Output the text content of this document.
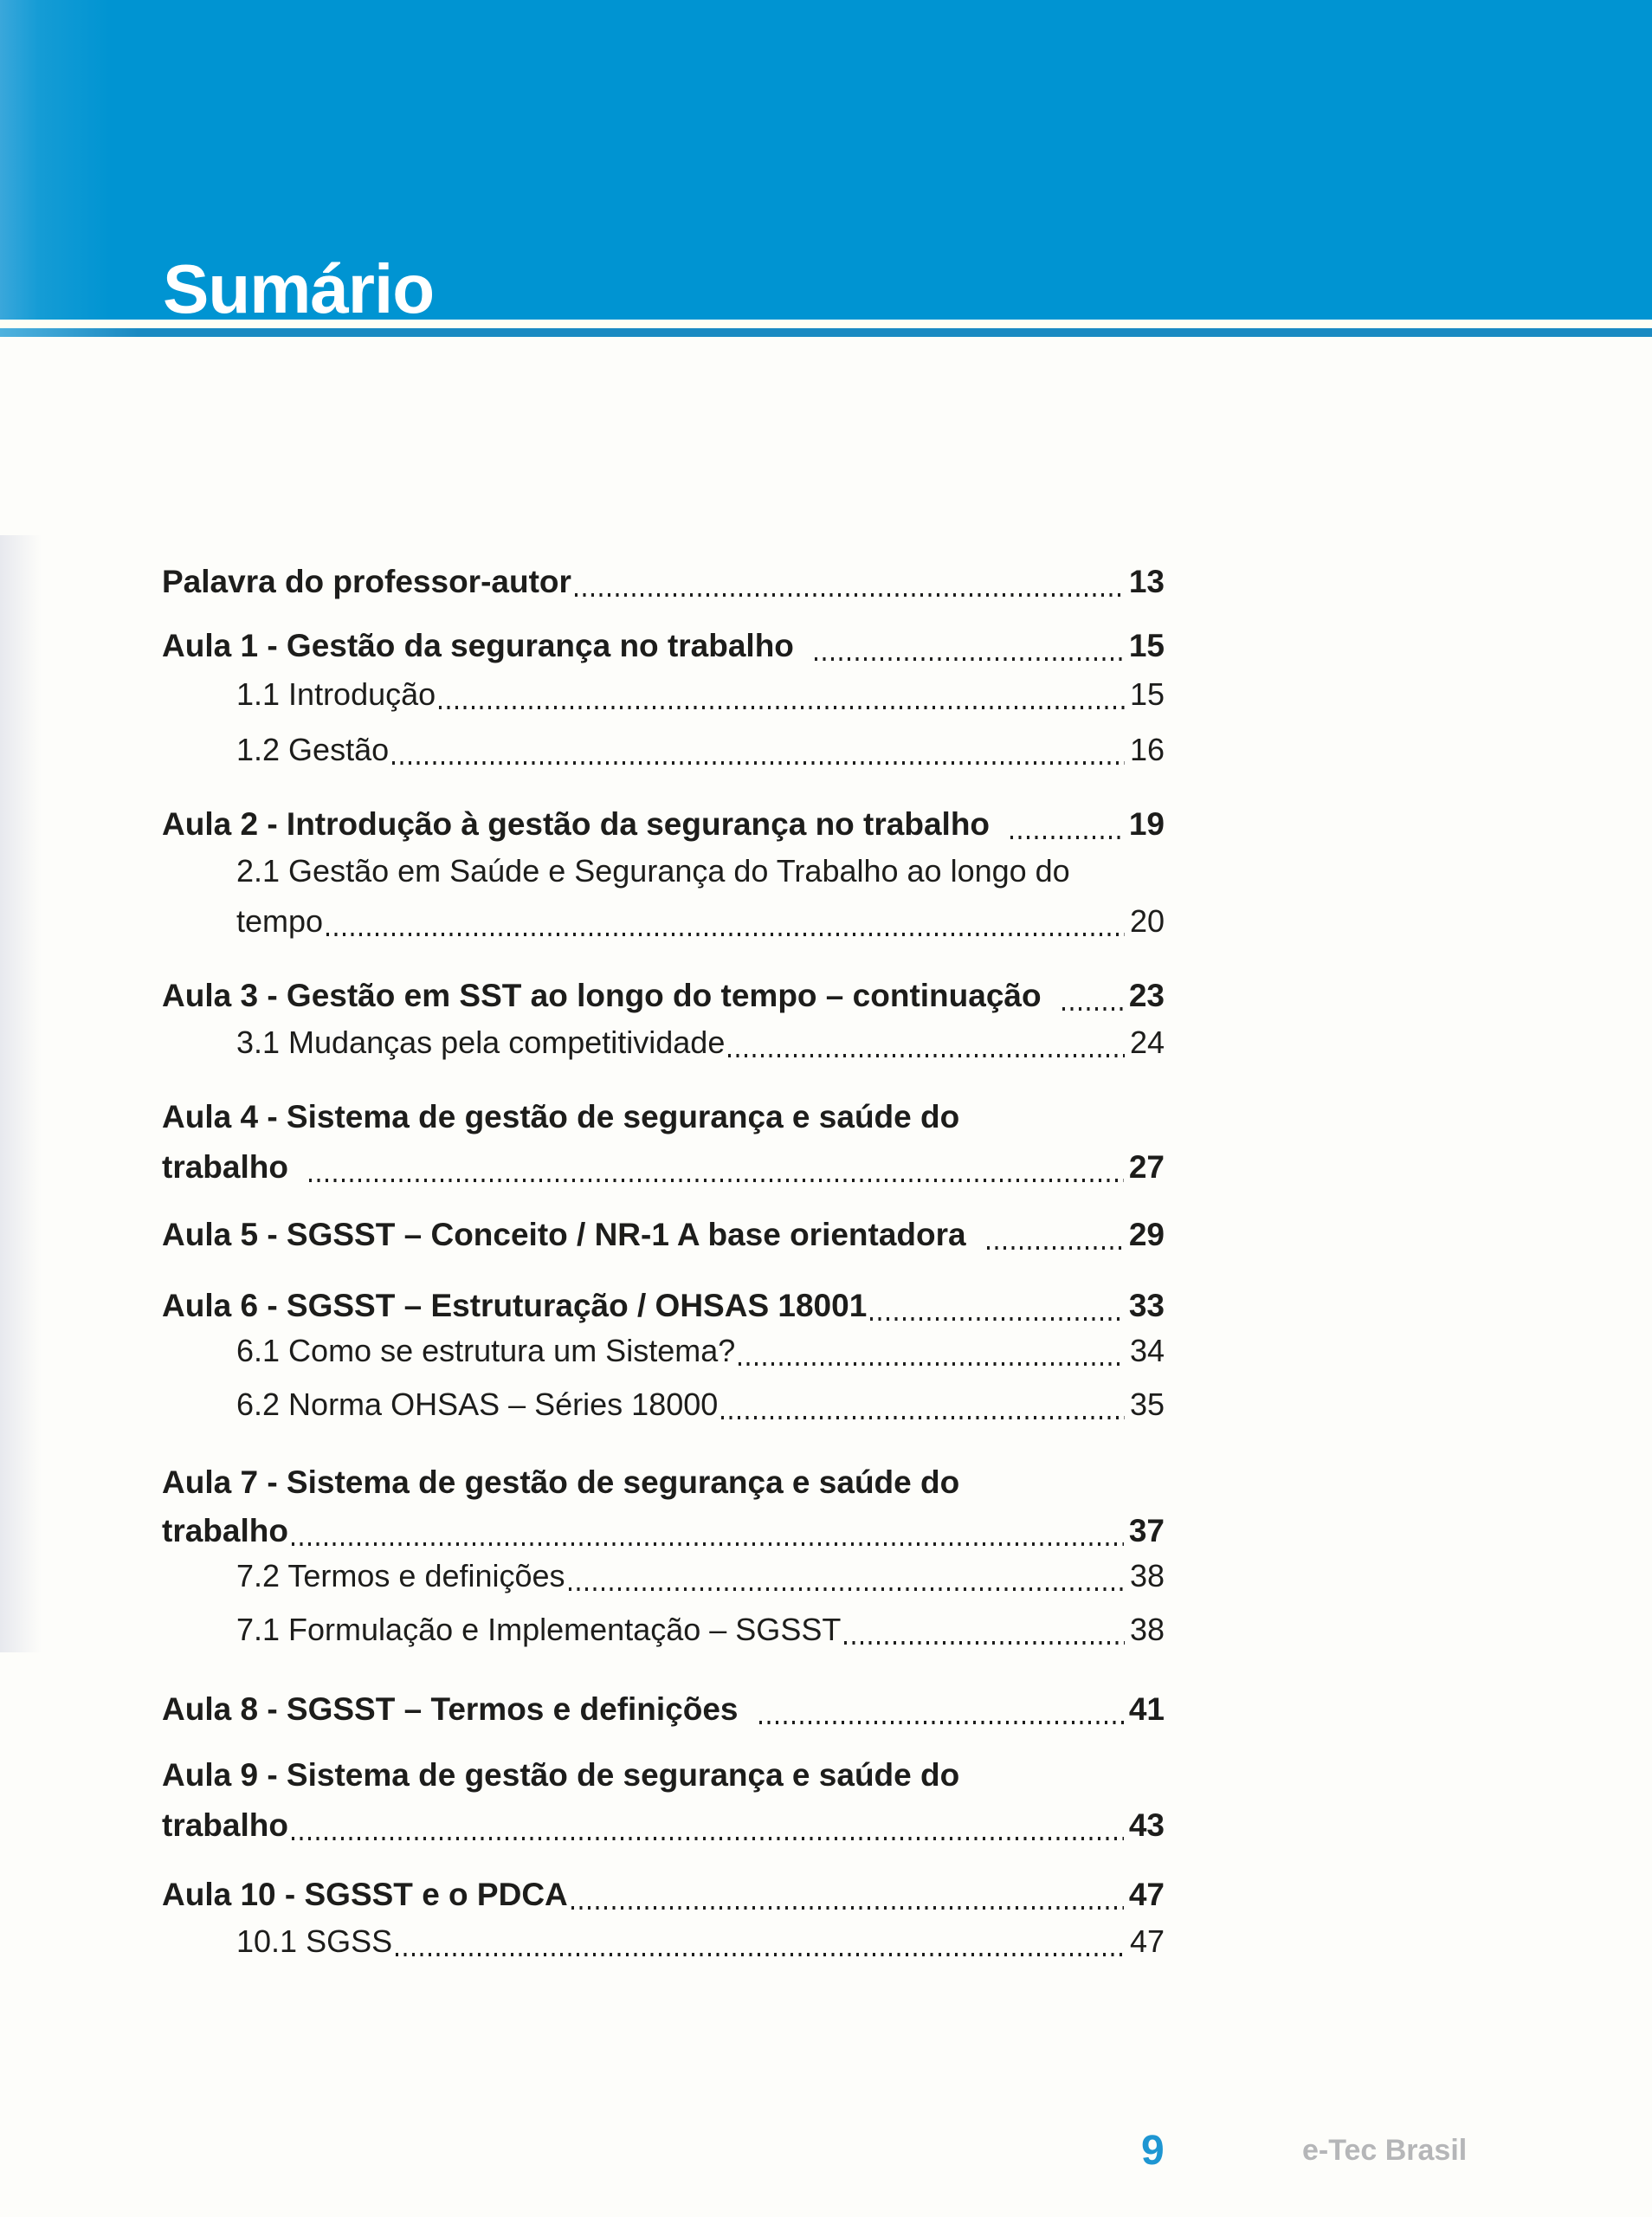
Sumário
Palavra do professor-autor	13
Aula 1 - Gestão da segurança no trabalho	15
1.1 Introdução	15
1.2 Gestão	16
Aula 2 - Introdução à gestão da segurança no trabalho	19
2.1 Gestão em Saúde e Segurança do Trabalho ao longo do
tempo	20
Aula 3 - Gestão em SST ao longo do tempo – continuação	23
3.1 Mudanças pela competitividade	24
Aula 4 - Sistema de gestão de segurança e saúde do
trabalho	27
Aula 5 - SGSST – Conceito / NR-1 A base orientadora	29
Aula 6 - SGSST – Estruturação / OHSAS 18001	33
6.1 Como se estrutura um Sistema?	34
6.2 Norma OHSAS – Séries 18000	35
Aula 7 - Sistema de gestão de segurança e saúde do
trabalho	37
7.2 Termos e definições	38
7.1 Formulação e Implementação – SGSST	38
Aula 8 - SGSST – Termos e definições	41
Aula 9 - Sistema de gestão de segurança e saúde do
trabalho	43
Aula 10 - SGSST e o PDCA	47
10.1 SGSS	47
9	e-Tec Brasil
